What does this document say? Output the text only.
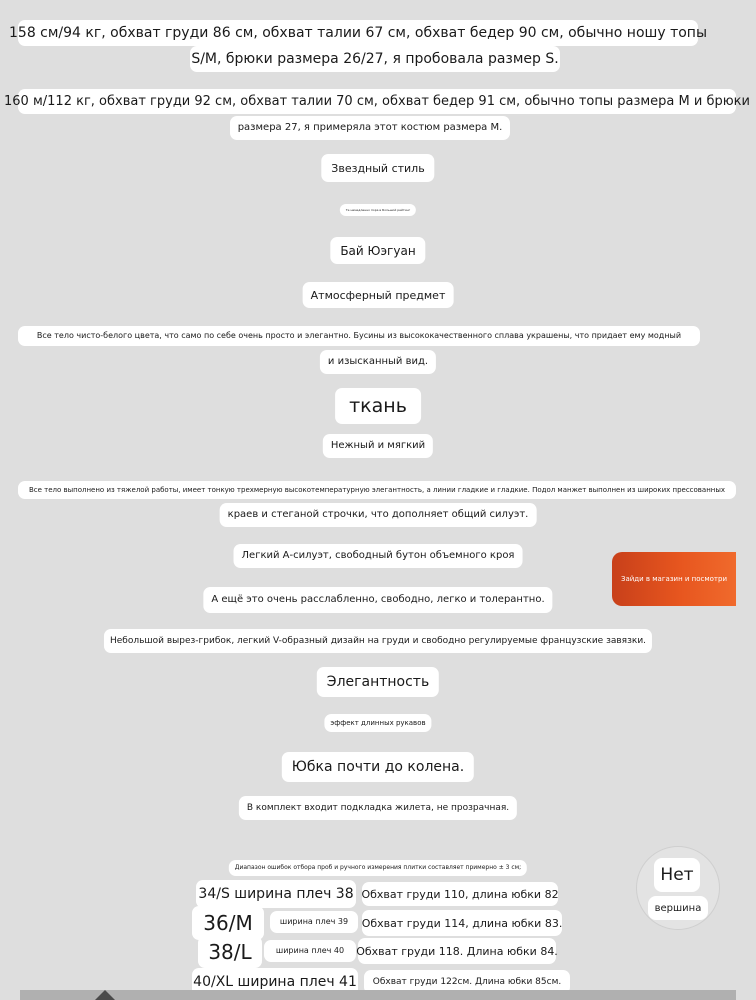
158 см/94 кг, обхват груди 86 см, обхват талии 67 см, обхват бедер 90 см, обычно ношу топы
S/M, брюки размера 26/27, я пробовала размер S.
160 м/112 кг, обхват груди 92 см, обхват талии 70 см, обхват бедер 91 см, обычно топы размера М и брюки
размера 27, я примеряла этот костюм размера М.
Звездный стиль
Те немедленно пора в Большой рейтинг
Бай Юэгуан
Атмосферный предмет
Все тело чисто-белого цвета, что само по себе очень просто и элегантно. Бусины из высококачественного сплава украшены, что придает ему модный
и изысканный вид.
ткань
Нежный и мягкий
Все тело выполнено из тяжелой работы, имеет тонкую трехмерную высокотемпературную элегантность, а линии гладкие и гладкие. Подол манжет выполнен из широких прессованных
краев и стеганой строчки, что дополняет общий силуэт.
Легкий А-силуэт, свободный бутон объемного кроя
А ещё это очень расслабленно, свободно, легко и толерантно.
Небольшой вырез-грибок, легкий V-образный дизайн на груди и свободно регулируемые французские завязки.
Элегантность
эффект длинных рукавов
Юбка почти до колена.
В комплект входит подкладка жилета, не прозрачная.
Диапазон ошибок отбора проб и ручного измерения плитки составляет примерно ± 3 см;
34/S ширина плеч 38 Обхват груди 110, длина юбки 82
36/M	ширина плеч 39	Обхват груди 114, длина юбки 83.
38/L	ширина плеч 40	Обхват груди 118. Длина юбки 84.
40/XL ширина плеч 41	Обхват груди 122см. Длина юбки 85см.
Зайди в магазин и посмотри
Нет
вершина
